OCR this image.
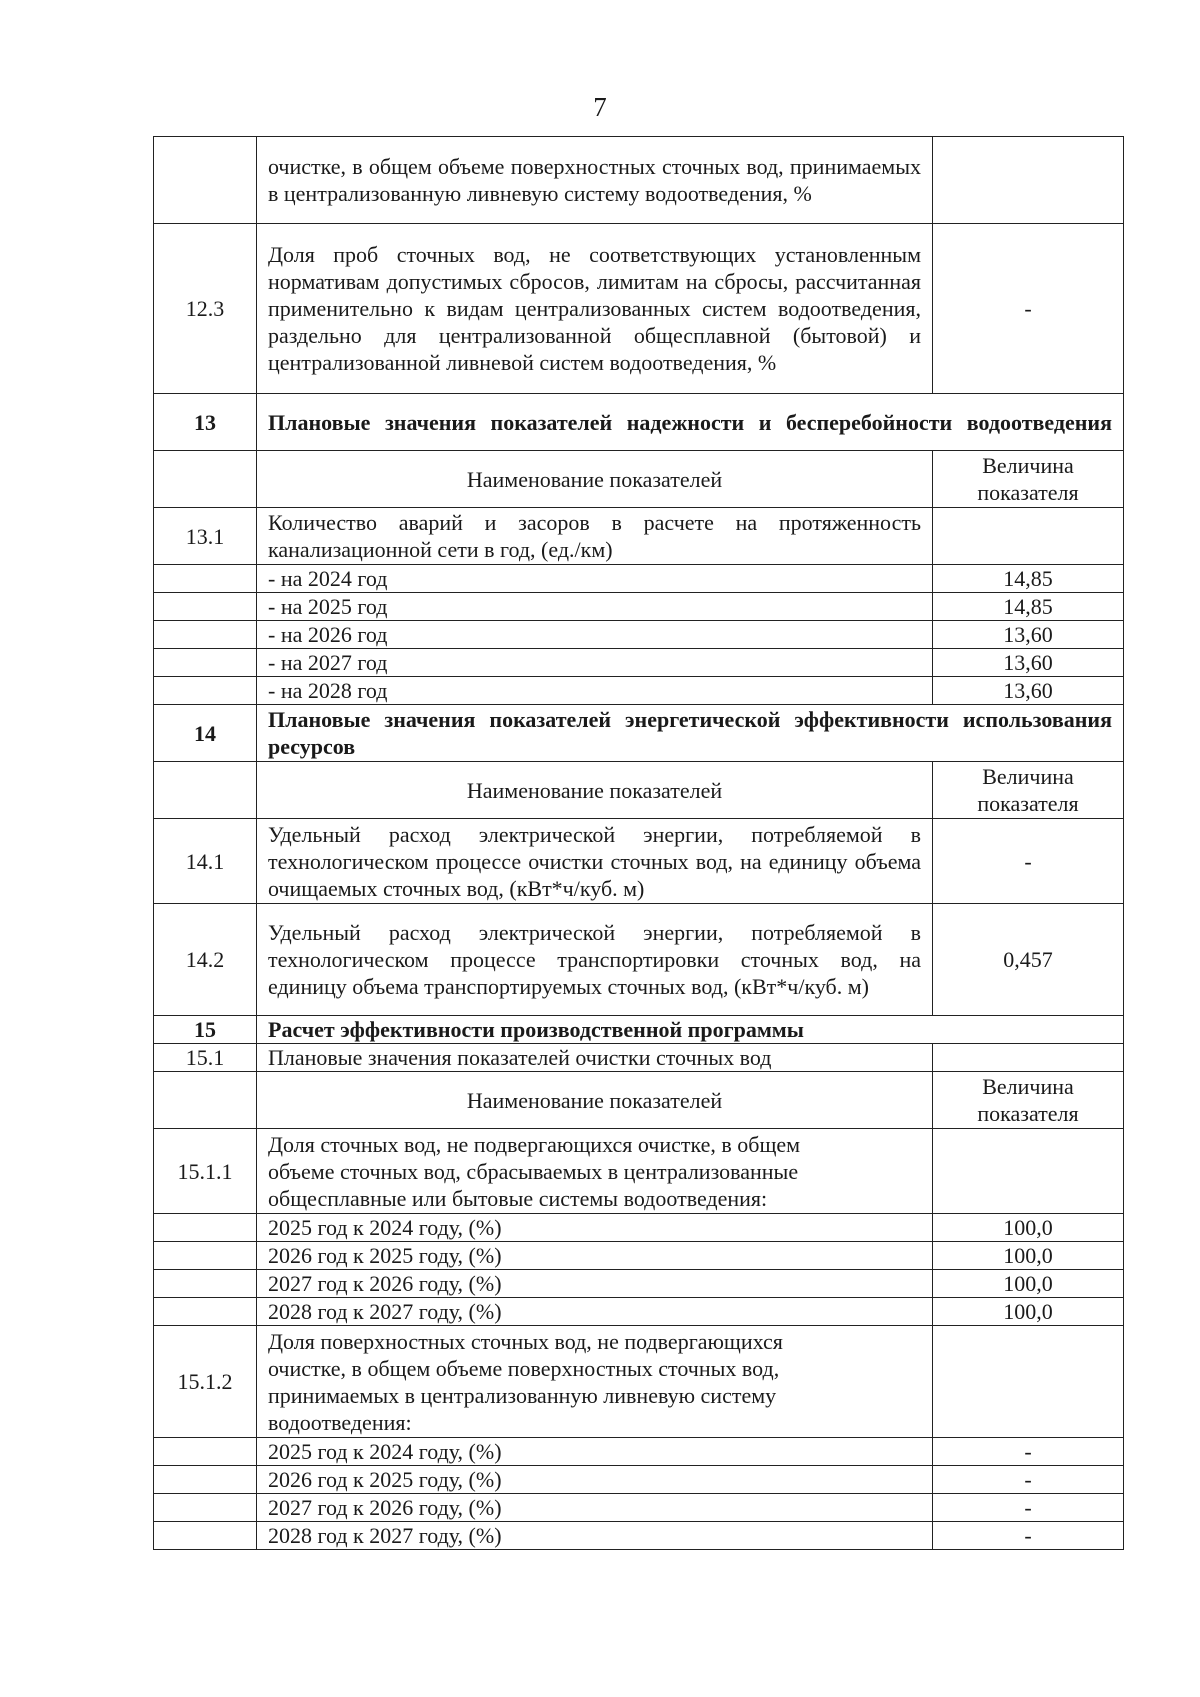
7
	очистке, в общем объеме поверхностных сточных вод, принимаемых в централизованную ливневую систему водоотведения, %	
12.3	Доля проб сточных вод, не соответствующих установленным нормативам допустимых сбросов, лимитам на сбросы, рассчитанная применительно к видам централизованных систем водоотведения, раздельно для централизованной общесплавной (бытовой) и централизованной ливневой систем водоотведения, %	-
13	Плановые значения показателей надежности и бесперебойности водоотведения	
	Наименование показателей	Величина показателя
13.1	Количество аварий и засоров в расчете на протяженность канализационной сети в год, (ед./км)	
	- на 2024 год	14,85
	- на 2025 год	14,85
	- на 2026 год	13,60
	- на 2027 год	13,60
	- на 2028 год	13,60
14	Плановые значения показателей энергетической эффективности использования ресурсов	
	Наименование показателей	Величина показателя
14.1	Удельный расход электрической энергии, потребляемой в технологическом процессе очистки сточных вод, на единицу объема очищаемых сточных вод, (кВт*ч/куб. м)	-
14.2	Удельный расход электрической энергии, потребляемой в технологическом процессе транспортировки сточных вод, на единицу объема транспортируемых сточных вод, (кВт*ч/куб. м)	0,457
15	Расчет эффективности производственной программы	
15.1	Плановые значения показателей очистки сточных вод	
	Наименование показателей	Величина показателя
15.1.1	Доля сточных вод, не подвергающихся очистке, в общем объеме сточных вод, сбрасываемых в централизованные общесплавные или бытовые системы водоотведения:	
	2025 год к 2024 году, (%)	100,0
	2026 год к 2025 году, (%)	100,0
	2027 год к 2026 году, (%)	100,0
	2028 год к 2027 году, (%)	100,0
15.1.2	Доля поверхностных сточных вод, не подвергающихся очистке, в общем объеме поверхностных сточных вод, принимаемых в централизованную ливневую систему водоотведения:	
	2025 год к 2024 году, (%)	-
	2026 год к 2025 году, (%)	-
	2027 год к 2026 году, (%)	-
	2028 год к 2027 году, (%)	-
